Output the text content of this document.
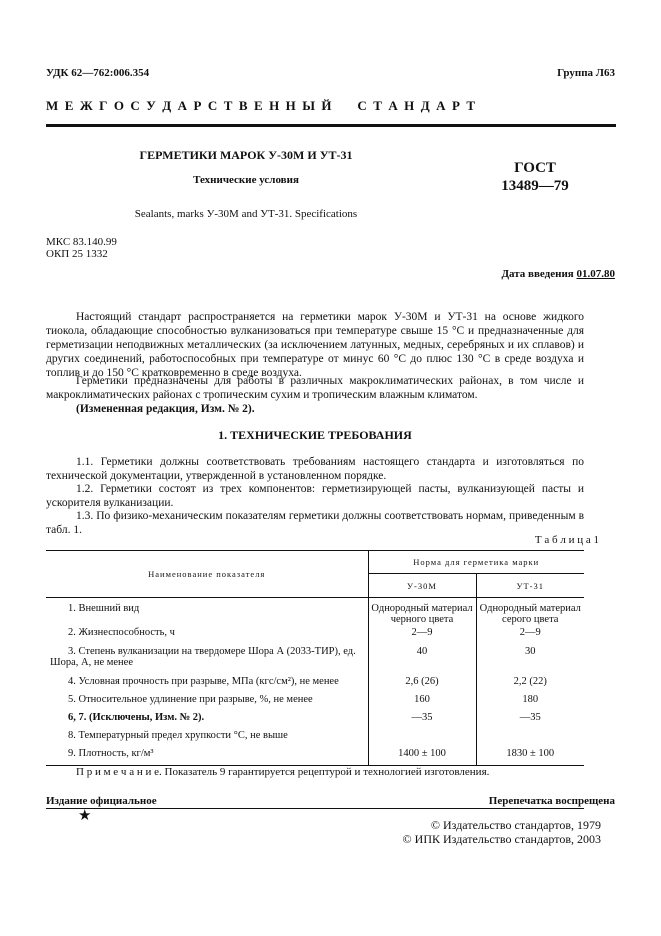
УДК 62—762:006.354	Группа Л63
М Е Ж Г О С У Д А Р С Т В Е Н Н Ы Й     С Т А Н Д А Р Т
ГЕРМЕТИКИ МАРОК У-30М И УТ-31
Технические условия
ГОСТ
13489—79
Sealants, marks У-30М and УТ-31. Specifications
МКС 83.140.99
ОКП 25 1332
Дата введения 01.07.80
Настоящий стандарт распространяется на герметики марок У-30М и УТ-31 на основе жидкого тиокола, обладающие способностью вулканизоваться при температуре свыше 15 °С и предназначенные для герметизации неподвижных металлических (за исключением латунных, медных, серебряных и их сплавов) и других соединений, работоспособных при температуре от минус 60 °С до плюс 130 °С в среде воздуха и топлив и до 150 °С кратковременно в среде воздуха.
Герметики предназначены для работы в различных макроклиматических районах, в том числе и макроклиматических районах с тропическим сухим и тропическим влажным климатом.
(Измененная редакция, Изм. № 2).
1. ТЕХНИЧЕСКИЕ ТРЕБОВАНИЯ
1.1. Герметики должны соответствовать требованиям настоящего стандарта и изготовляться по технической документации, утвержденной в установленном порядке.
1.2. Герметики состоят из трех компонентов: герметизирующей пасты, вулканизующей пасты и ускорителя вулканизации.
1.3. По физико-механическим показателям герметики должны соответствовать нормам, приведенным в табл. 1.
Т а б л и ц а 1
Наименование показателя	Норма для герметика марки	
	У-30М	УТ-31
1. Внешний вид	Однородный материал черного цвета	Однородный материал серого цвета
2. Жизнеспособность, ч	2—9	2—9
3. Степень вулканизации на твердомере Шора А (2033-ТИР), ед. Шора, А, не менее	40	30
4. Условная прочность при разрыве, МПа (кгс/см²), не менее	2,6 (26)	2,2 (22)
5. Относительное удлинение при разрыве, %, не менее	160	180
6, 7. (Исключены, Изм. № 2).	—35	—35
8. Температурный предел хрупкости °С, не выше		
9. Плотность, кг/м³	1400 ± 100	1830 ± 100
П р и м е ч а н и е. Показатель 9 гарантируется рецептурой и технологией изготовления.
Издание официальное	Перепечатка воспрещена
★
© Издательство стандартов, 1979
© ИПК Издательство стандартов, 2003
